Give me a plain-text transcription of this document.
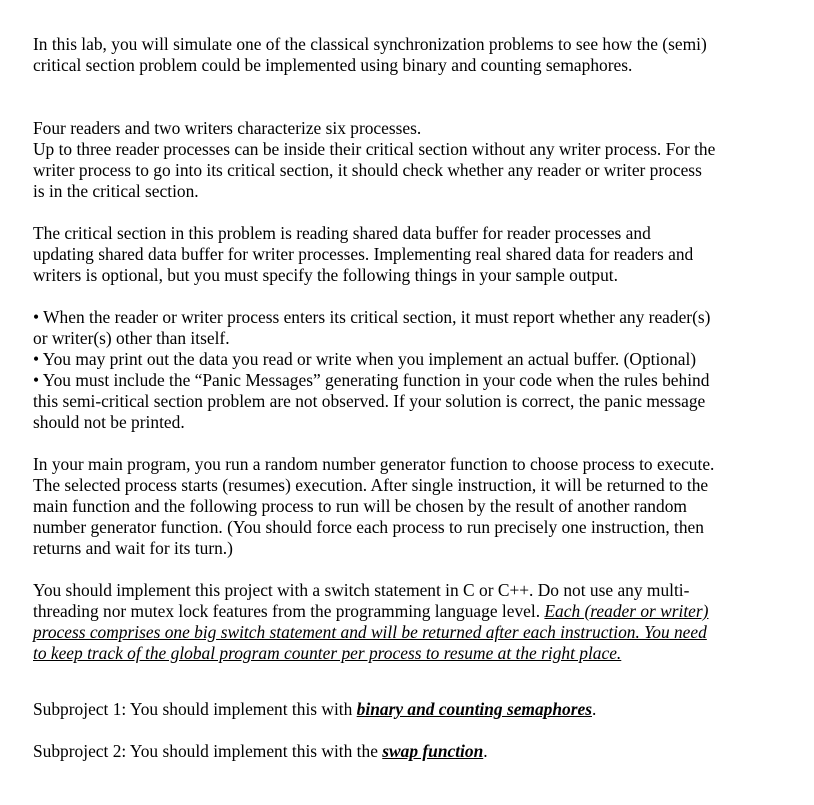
In this lab, you will simulate one of the classical synchronization problems to see how the (semi)
critical section problem could be implemented using binary and counting semaphores.

Four readers and two writers characterize six processes.
Up to three reader processes can be inside their critical section without any writer process. For the
writer process to go into its critical section, it should check whether any reader or writer process
is in the critical section.

The critical section in this problem is reading shared data buffer for reader processes and
updating shared data buffer for writer processes. Implementing real shared data for readers and
writers is optional, but you must specify the following things in your sample output.

• When the reader or writer process enters its critical section, it must report whether any reader(s)
or writer(s) other than itself.
• You may print out the data you read or write when you implement an actual buffer. (Optional)
• You must include the “Panic Messages” generating function in your code when the rules behind
this semi-critical section problem are not observed. If your solution is correct, the panic message
should not be printed.

In your main program, you run a random number generator function to choose process to execute.
The selected process starts (resumes) execution. After single instruction, it will be returned to the
main function and the following process to run will be chosen by the result of another random
number generator function. (You should force each process to run precisely one instruction, then
returns and wait for its turn.)

You should implement this project with a switch statement in C or C++. Do not use any multi-
threading nor mutex lock features from the programming language level. Each (reader or writer)
process comprises one big switch statement and will be returned after each instruction. You need
to keep track of the global program counter per process to resume at the right place.

Subproject 1: You should implement this with binary and counting semaphores.

Subproject 2: You should implement this with the swap function.
